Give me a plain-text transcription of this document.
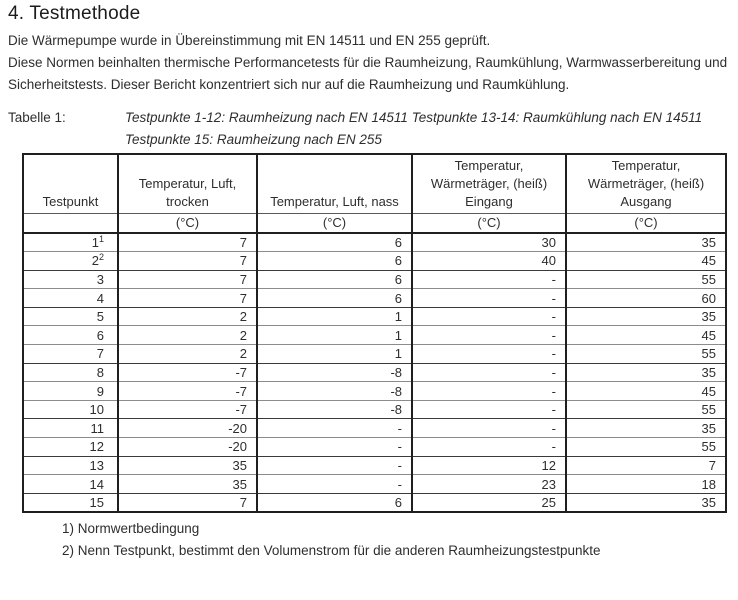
4. Testmethode

Die Wärmepumpe wurde in Übereinstimmung mit EN 14511 und EN 255 geprüft.

Diese Normen beinhalten thermische Performancetests für die Raumheizung, Raumkühlung, Warmwasserbereitung und Sicherheitstests. Dieser Bericht konzentriert sich nur auf die Raumheizung und Raumkühlung.

Tabelle 1:	Testpunkte 1-12: Raumheizung nach EN 14511 Testpunkte 13-14: Raumkühlung nach EN 14511 Testpunkte 15: Raumheizung nach EN 255
Testpunkt	Temperatur, Luft, trocken	Temperatur, Luft, nass	Temperatur, Wärmeträger, (heiß) Eingang	Temperatur, Wärmeträger, (heiß) Ausgang
	(°C)	(°C)	(°C)	(°C)
1$^1$	7	6	30	35
2$^2$	7	6	40	45
3	7	6	-	55
4	7	6	-	60
5	2	1	-	35
6	2	1	-	45
7	2	1	-	55
8	-7	-8	-	35
9	-7	-8	-	45
10	-7	-8	-	55
11	-20	-	-	35
12	-20	-	-	55
13	35	-	12	7
14	35	-	23	18
15	7	6	25	35
1) Normwertbedingung
2) Nenn Testpunkt, bestimmt den Volumenstrom für die anderen Raumheizungstestpunkte
